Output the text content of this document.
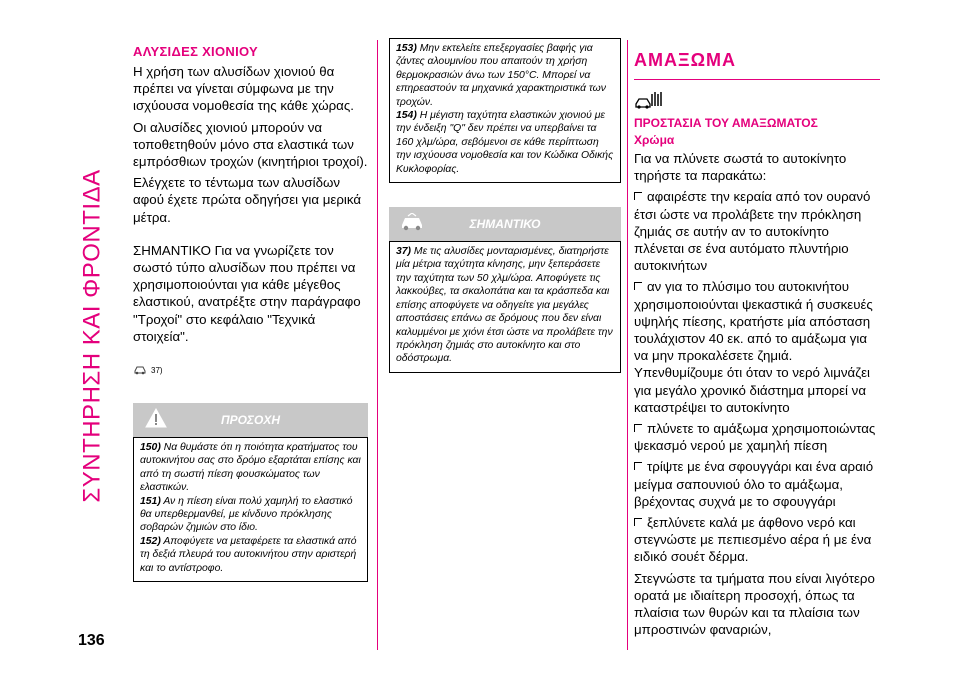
ΣΥΝΤΗΡΗΣΗ ΚΑΙ ΦΡΟΝΤΙΔΑ
136
ΑΛΥΣΙΔΕΣ ΧΙΟΝΙΟΥ

Η χρήση των αλυσίδων χιονιού θα πρέπει να γίνεται σύμφωνα με την ισχύουσα νομοθεσία της κάθε χώρας.

Οι αλυσίδες χιονιού μπορούν να τοποθετηθούν μόνο στα ελαστικά των εμπρόσθιων τροχών (κινητήριοι τροχοί).

Ελέγχετε το τέντωμα των αλυσίδων αφού έχετε πρώτα οδηγήσει για μερικά μέτρα.

ΣΗΜΑΝΤΙΚΟ Για να γνωρίζετε τον σωστό τύπο αλυσίδων που πρέπει να χρησιμοποιούνται για κάθε μέγεθος ελαστικού, ανατρέξτε στην παράγραφο "Τροχοί" στο κεφάλαιο "Τεχνικά στοιχεία".

37)
ΠΡΟΣΟΧΗ

150) Να θυμάστε ότι η ποιότητα κρατήματος του αυτοκινήτου σας στο δρόμο εξαρτάται επίσης και από τη σωστή πίεση φουσκώματος των ελαστικών.

151) Αν η πίεση είναι πολύ χαμηλή το ελαστικό θα υπερθερμανθεί, με κίνδυνο πρόκλησης σοβαρών ζημιών στο ίδιο.

152) Αποφύγετε να μεταφέρετε τα ελαστικά από τη δεξιά πλευρά του αυτοκινήτου στην αριστερή και το αντίστροφο.

153) Μην εκτελείτε επεξεργασίες βαφής για ζάντες αλουμινίου που απαιτούν τη χρήση θερμοκρασιών άνω των 150°C. Μπορεί να επηρεαστούν τα μηχανικά χαρακτηριστικά των τροχών.

154) Η μέγιστη ταχύτητα ελαστικών χιονιού με την ένδειξη "Q" δεν πρέπει να υπερβαίνει τα 160 χλμ/ώρα, σεβόμενοι σε κάθε περίπτωση την ισχύουσα νομοθεσία και τον Κώδικα Οδικής Κυκλοφορίας.

ΣΗΜΑΝΤΙΚΟ

37) Με τις αλυσίδες μονταρισμένες, διατηρήστε μία μέτρια ταχύτητα κίνησης, μην ξεπεράσετε την ταχύτητα των 50 χλμ/ώρα. Αποφύγετε τις λακκούβες, τα σκαλοπάτια και τα κράσπεδα και επίσης αποφύγετε να οδηγείτε για μεγάλες αποστάσεις επάνω σε δρόμους που δεν είναι καλυμμένοι με χιόνι έτσι ώστε να προλάβετε την πρόκληση ζημιάς στο αυτοκίνητο και στο οδόστρωμα.

ΑΜΑΞΩΜΑ
ΠΡΟΣΤΑΣΙΑ ΤΟΥ ΑΜΑΞΩΜΑΤΟΣ
Χρώμα

Για να πλύνετε σωστά το αυτοκίνητο τηρήστε τα παρακάτω:

αφαιρέστε την κεραία από τον ουρανό έτσι ώστε να προλάβετε την πρόκληση ζημιάς σε αυτήν αν το αυτοκίνητο πλένεται σε ένα αυτόματο πλυντήριο αυτοκινήτων

αν για το πλύσιμο του αυτοκινήτου χρησιμοποιούνται ψεκαστικά ή συσκευές υψηλής πίεσης, κρατήστε μία απόσταση τουλάχιστον 40 εκ. από το αμάξωμα για να μην προκαλέσετε ζημιά. Υπενθυμίζουμε ότι όταν το νερό λιμνάζει για μεγάλο χρονικό διάστημα μπορεί να καταστρέψει το αυτοκίνητο

πλύνετε το αμάξωμα χρησιμοποιώντας ψεκασμό νερού με χαμηλή πίεση

τρίψτε με ένα σφουγγάρι και ένα αραιό μείγμα σαπουνιού όλο το αμάξωμα, βρέχοντας συχνά με το σφουγγάρι

ξεπλύνετε καλά με άφθονο νερό και στεγνώστε με πεπιεσμένο αέρα ή με ένα ειδικό σουέτ δέρμα.

Στεγνώστε τα τμήματα που είναι λιγότερο ορατά με ιδιαίτερη προσοχή, όπως τα πλαίσια των θυρών και τα πλαίσια των μπροστινών φαναριών,
